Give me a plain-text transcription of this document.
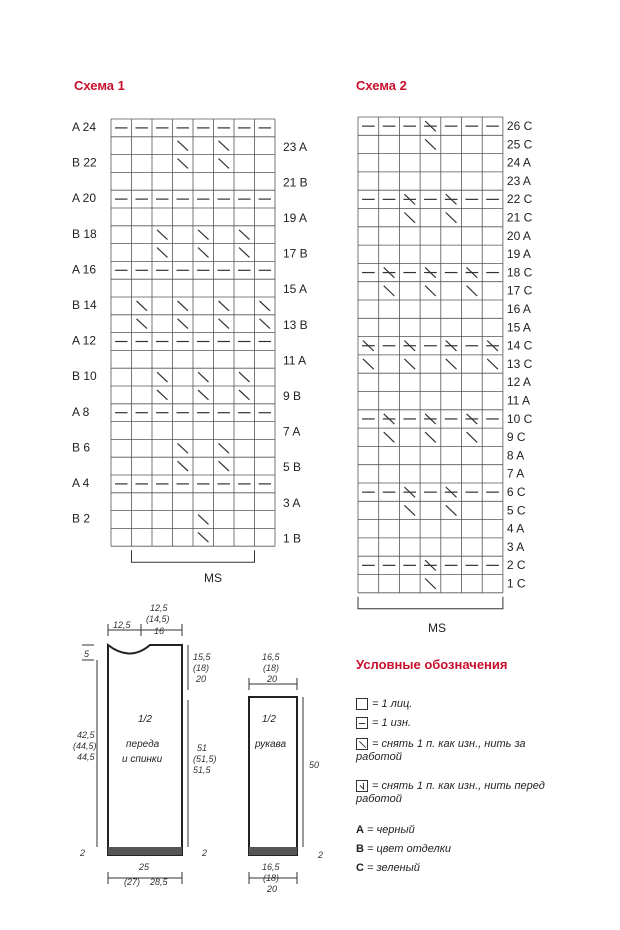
Схема 1	Схема 2
Условные обозначения
A 24
B 22
A 20
B 18
A 16
B 14
A 12
B 10
A 8
B 6
A 4
B 2
23 A
21 B
19 A
17 B
15 A
13 B
11 A
9 B
7 A
5 B
3 A
1 B
MS
26 C
25 C
24 A
23 A
22 C
21 C
20 A
19 A
18 C
17 C
16 A
15 A
14 C
13 C
12 A
11 A
10 C
9 C
8 A
7 A
6 C
5 C
4 A
3 A
2 C
1 C
MS
1/2
переда
и спинки
12,5
12,5
(14,5)
16
5
42,5
(44,5)
44,5
15,5
(18)
20
51
(51,5)
51,5
2	2
25
(27) 28,5
1/2
рукава
16,5
(18)
20
50
2
16,5
(18)
20
= 1 лиц.
= 1 изн.
= снять 1 п. как изн., нить за работой
= снять 1 п. как изн., нить перед работой
A = черный
B = цвет отделки
C = зеленый
